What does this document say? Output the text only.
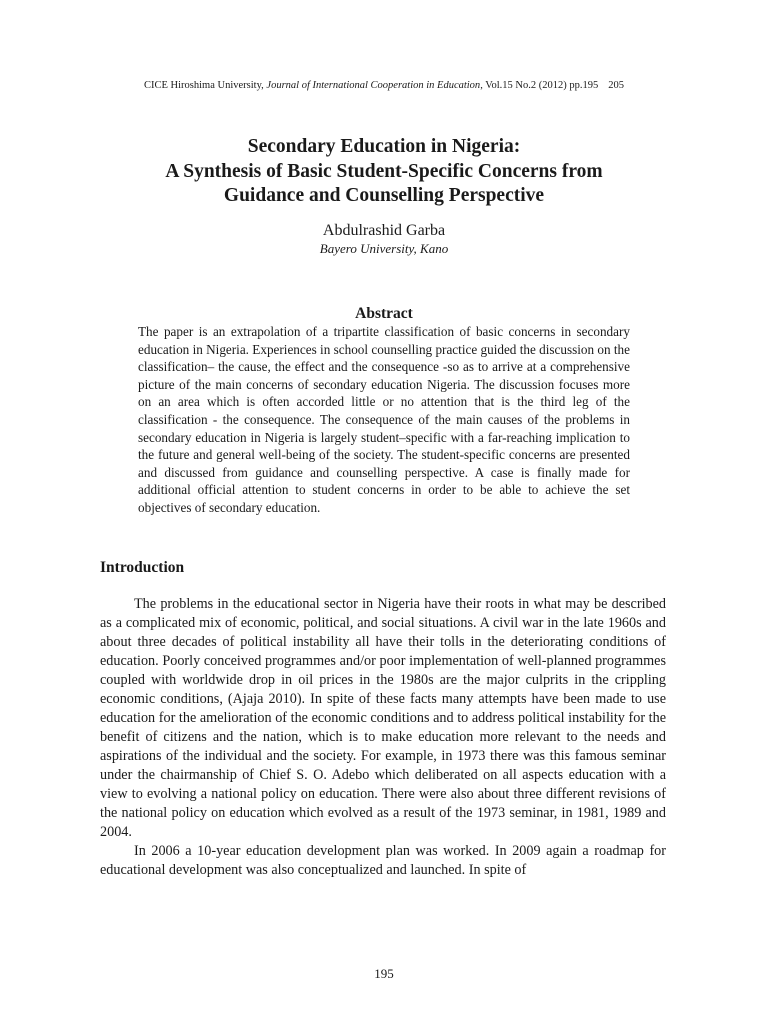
CICE Hiroshima University, Journal of International Cooperation in Education, Vol.15 No.2 (2012) pp.195 205
Secondary Education in Nigeria:
A Synthesis of Basic Student-Specific Concerns from
Guidance and Counselling Perspective
Abdulrashid Garba
Bayero University, Kano
Abstract

The paper is an extrapolation of a tripartite classification of basic concerns in secondary education in Nigeria. Experiences in school counselling practice guided the discussion on the classification– the cause, the effect and the consequence -so as to arrive at a comprehensive picture of the main concerns of secondary education Nigeria. The discussion focuses more on an area which is often accorded little or no attention that is the third leg of the classification - the consequence. The consequence of the main causes of the problems in secondary education in Nigeria is largely student–specific with a far-reaching implication to the future and general well-being of the society. The student-specific concerns are presented and discussed from guidance and counselling perspective. A case is finally made for additional official attention to student concerns in order to be able to achieve the set objectives of secondary education.

Introduction

The problems in the educational sector in Nigeria have their roots in what may be described as a complicated mix of economic, political, and social situations. A civil war in the late 1960s and about three decades of political instability all have their tolls in the deteriorating conditions of education. Poorly conceived programmes and/or poor implementation of well-planned programmes coupled with worldwide drop in oil prices in the 1980s are the major culprits in the crippling economic conditions, (Ajaja 2010). In spite of these facts many attempts have been made to use education for the amelioration of the economic conditions and to address political instability for the benefit of citizens and the nation, which is to make education more relevant to the needs and aspirations of the individual and the society. For example, in 1973 there was this famous seminar under the chairmanship of Chief S. O. Adebo which deliberated on all aspects education with a view to evolving a national policy on education. There were also about three different revisions of the national policy on education which evolved as a result of the 1973 seminar, in 1981, 1989 and 2004.

In 2006 a 10-year education development plan was worked. In 2009 again a roadmap for educational development was also conceptualized and launched. In spite of

195
